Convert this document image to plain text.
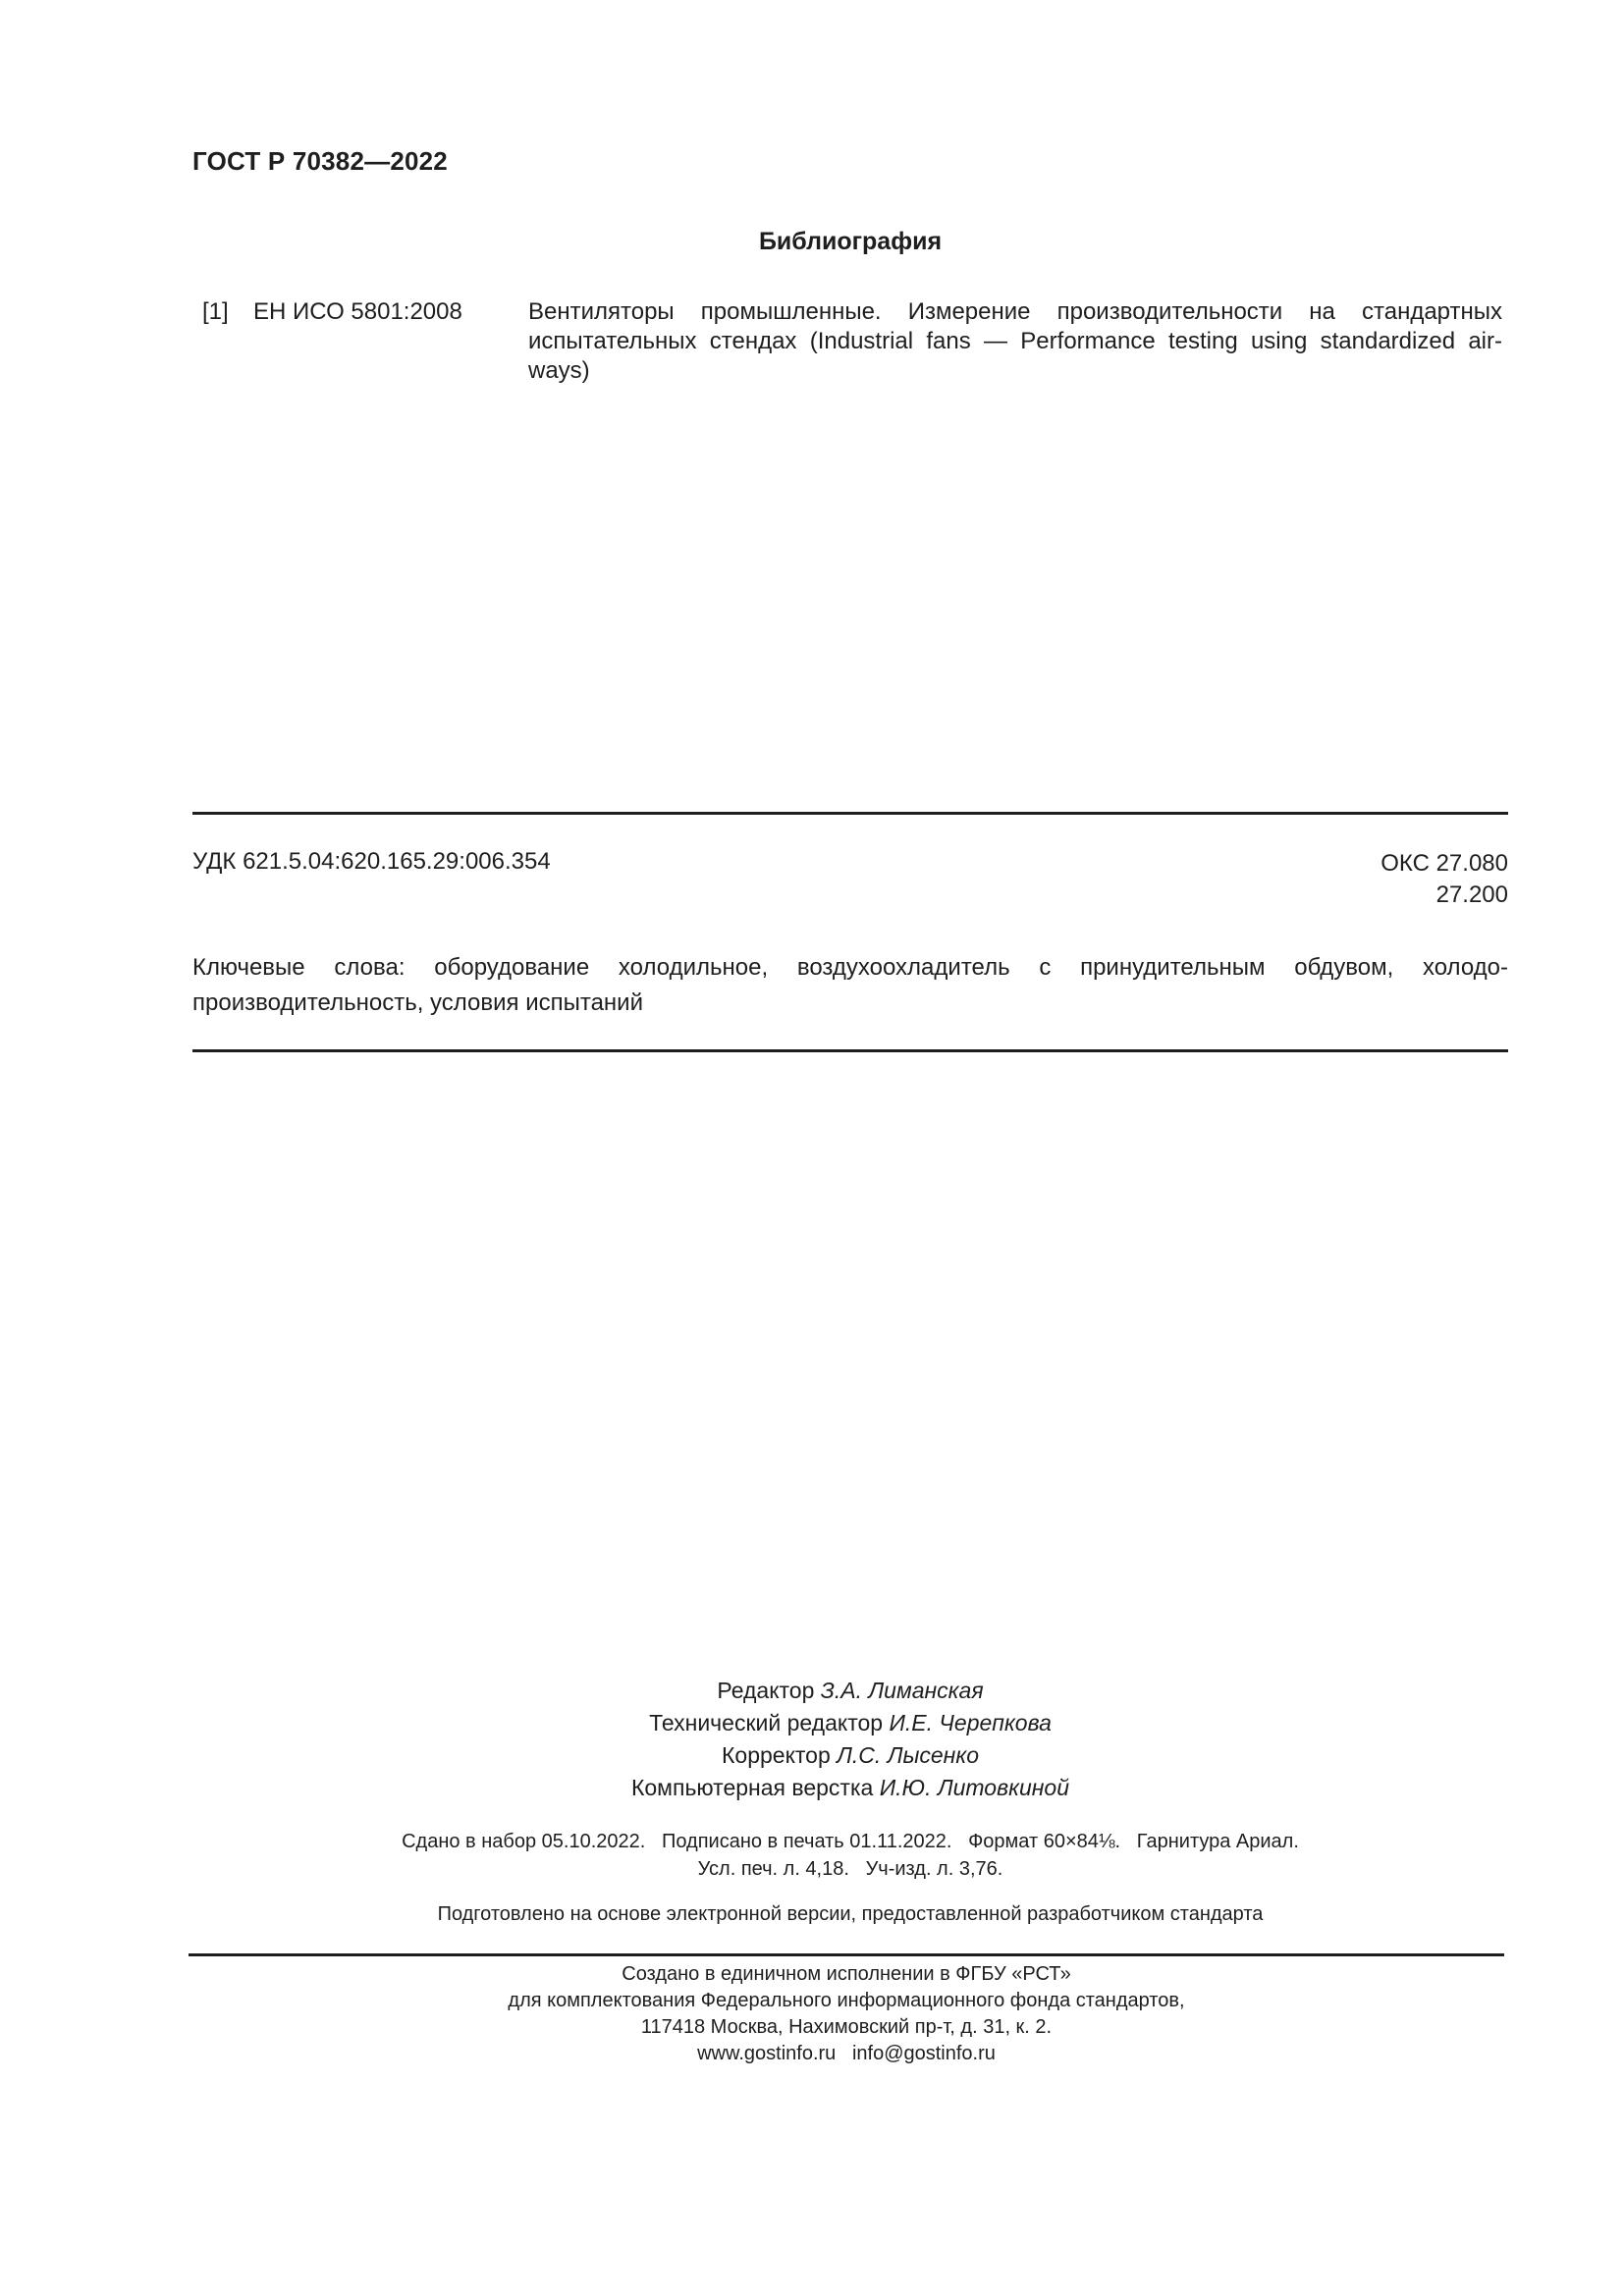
ГОСТ Р 70382—2022
Библиография
[1] ЕН ИСО 5801:2008	Вентиляторы промышленные. Измерение производительности на стандартных испытательных стендах (Industrial fans — Performance testing using standardized air-ways)
УДК 621.5.04:620.165.29:006.354	ОКС 27.080
27.200
Ключевые слова: оборудование холодильное, воздухоохладитель с принудительным обдувом, холодо-производительность, условия испытаний
Редактор З.А. Лиманская
Технический редактор И.Е. Черепкова
Корректор Л.С. Лысенко
Компьютерная верстка И.Ю. Литовкиной
Сдано в набор 05.10.2022.   Подписано в печать 01.11.2022.   Формат 60×84⅛.   Гарнитура Ариал.
Усл. печ. л. 4,18.   Уч-изд. л. 3,76.
Подготовлено на основе электронной версии, предоставленной разработчиком стандарта
Создано в единичном исполнении в ФГБУ «РСТ»
для комплектования Федерального информационного фонда стандартов,
117418 Москва, Нахимовский пр-т, д. 31, к. 2.
www.gostinfo.ru info@gostinfo.ru
